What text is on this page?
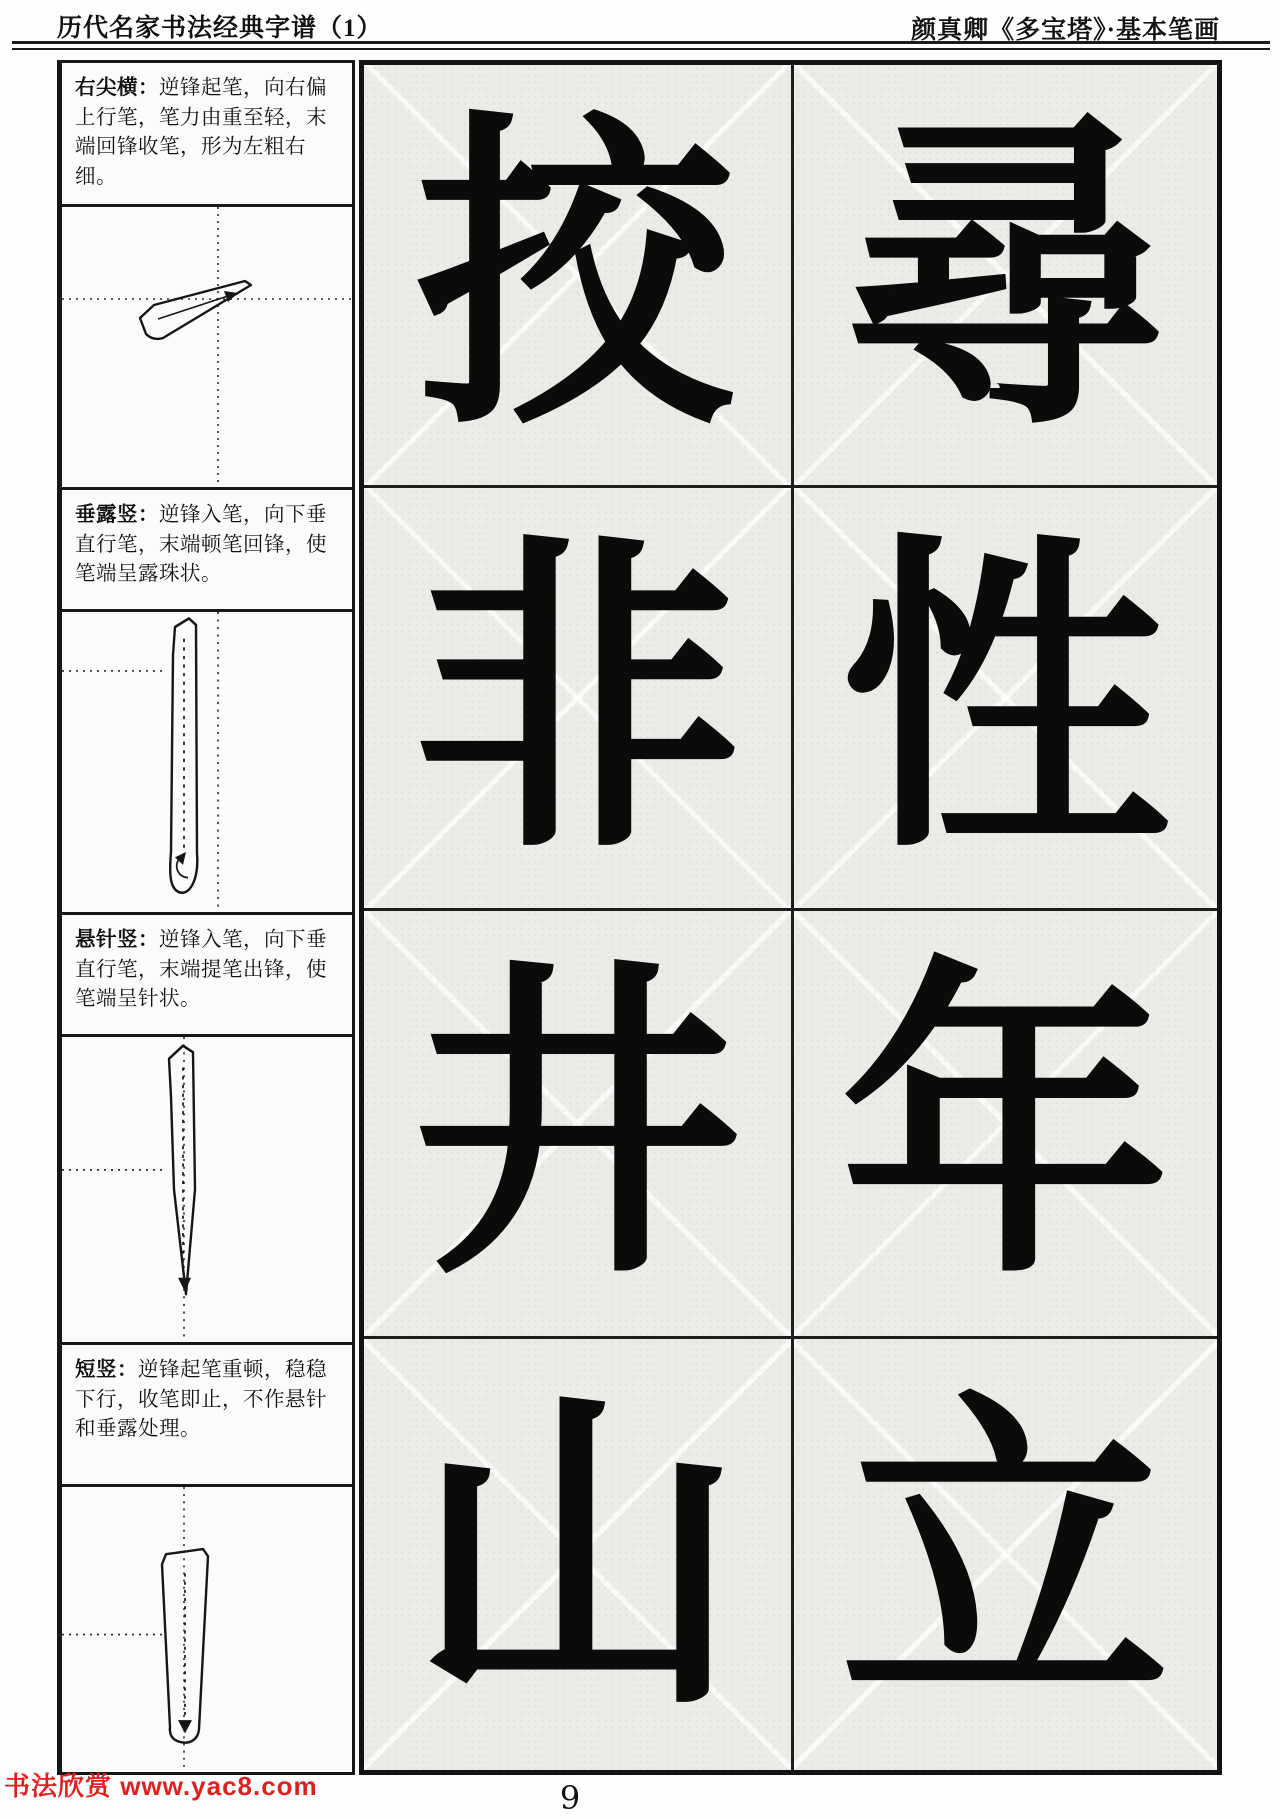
历代名家书法经典字谱（1）	颜真卿《多宝塔》·基本笔画

右尖横：逆锋起笔，向右偏上行笔，笔力由重至轻，末端回锋收笔，形为左粗右细。

垂露竖：逆锋入笔，向下垂直行笔，末端顿笔回锋，使笔端呈露珠状。

悬针竖：逆锋入笔，向下垂直行笔，末端提笔出锋，使笔端呈针状。

短竖：逆锋起笔重顿，稳稳下行，收笔即止，不作悬针和垂露处理。

挍 尋
非 性
井 年
山 立
书法欣赏 www.yac8.com	9
